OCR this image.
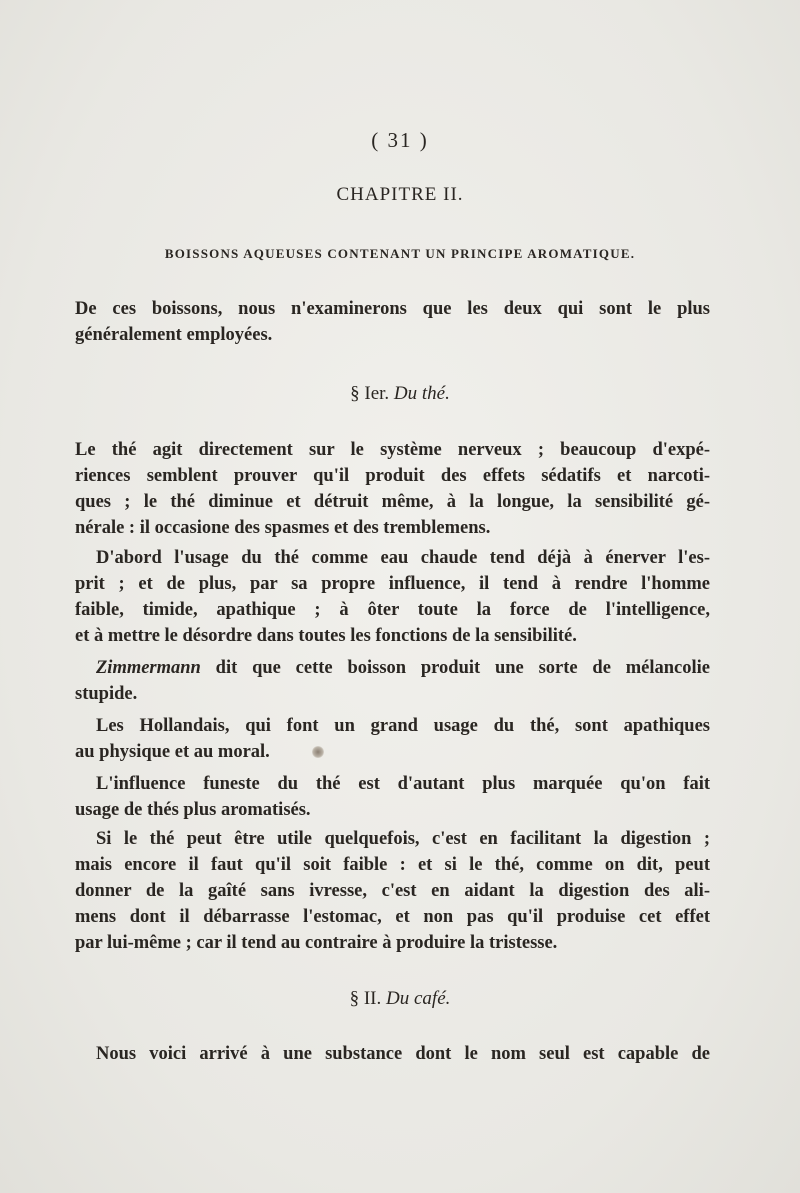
( 31 )
CHAPITRE II.
BOISSONS AQUEUSES CONTENANT UN PRINCIPE AROMATIQUE.
De ces boissons, nous n'examinerons que les deux qui sont le plus
généralement employées.
§ Ier. Du thé.
Le thé agit directement sur le système nerveux ; beaucoup d'expé-
riences semblent prouver qu'il produit des effets sédatifs et narcoti-
ques ; le thé diminue et détruit même, à la longue, la sensibilité gé-
nérale : il occasione des spasmes et des tremblemens.
D'abord l'usage du thé comme eau chaude tend déjà à énerver l'es-
prit ; et de plus, par sa propre influence, il tend à rendre l'homme
faible, timide, apathique ; à ôter toute la force de l'intelligence,
et à mettre le désordre dans toutes les fonctions de la sensibilité.
Zimmermann dit que cette boisson produit une sorte de mélancolie
stupide.
Les Hollandais, qui font un grand usage du thé, sont apathiques
au physique et au moral.
L'influence funeste du thé est d'autant plus marquée qu'on fait
usage de thés plus aromatisés.
Si le thé peut être utile quelquefois, c'est en facilitant la digestion ;
mais encore il faut qu'il soit faible : et si le thé, comme on dit, peut
donner de la gaîté sans ivresse, c'est en aidant la digestion des ali-
mens dont il débarrasse l'estomac, et non pas qu'il produise cet effet
par lui-même ; car il tend au contraire à produire la tristesse.
§ II. Du café.
Nous voici arrivé à une substance dont le nom seul est capable de
